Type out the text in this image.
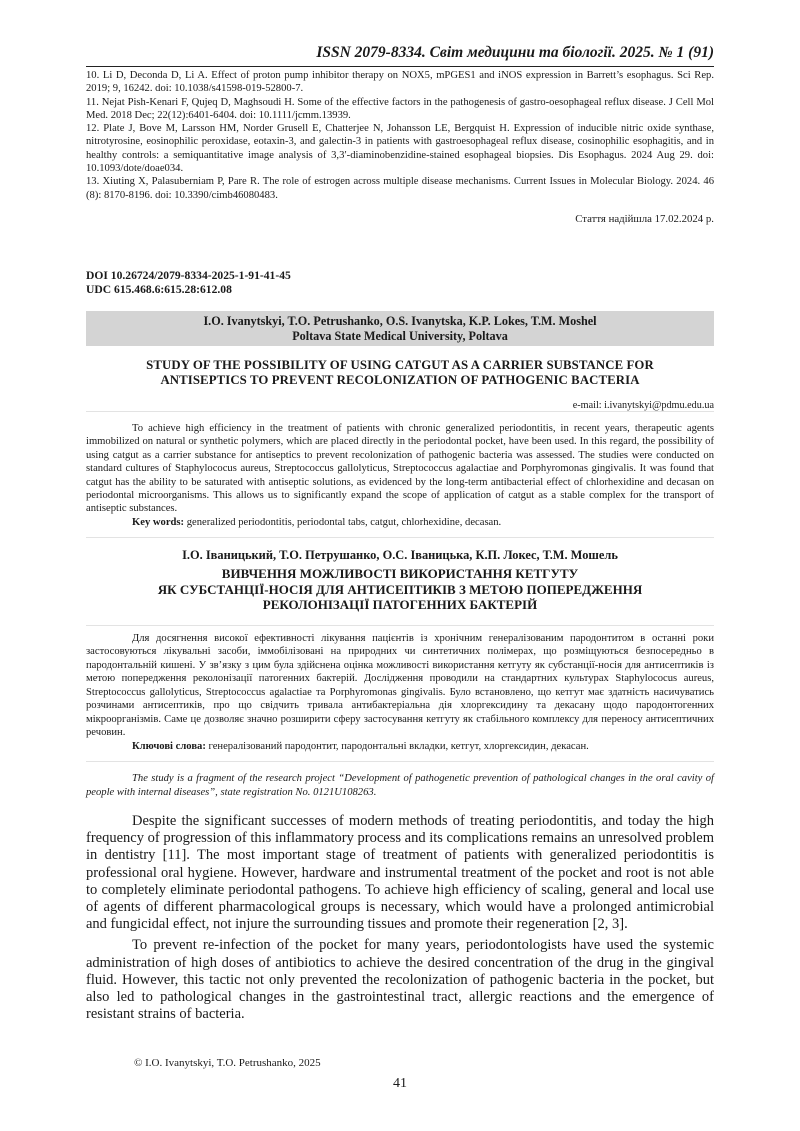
ISSN 2079-8334. Світ медицини та біології. 2025. № 1 (91)

10. Li D, Deconda D, Li A. Effect of proton pump inhibitor therapy on NOX5, mPGES1 and iNOS expression in Barrett’s esophagus. Sci Rep. 2019; 9, 16242. doi: 10.1038/s41598-019-52800-7.

11. Nejat Pish-Kenari F, Qujeq D, Maghsoudi H. Some of the effective factors in the pathogenesis of gastro-oesophageal reflux disease. J Cell Mol Med. 2018 Dec; 22(12):6401-6404. doi: 10.1111/jcmm.13939.

12. Plate J, Bove M, Larsson HM, Norder Grusell E, Chatterjee N, Johansson LE, Bergquist H. Expression of inducible nitric oxide synthase, nitrotyrosine, eosinophilic peroxidase, eotaxin-3, and galectin-3 in patients with gastroesophageal reflux disease, cosinophilic esophagitis, and in healthy controls: a semiquantitative image analysis of 3,3′-diaminobenzidine-stained esophageal biopsies. Dis Esophagus. 2024 Aug 29. doi: 10.1093/dote/doae034.

13. Xiuting X, Palasuberniam P, Pare R. The role of estrogen across multiple disease mechanisms. Current Issues in Molecular Biology. 2024. 46 (8): 8170-8196. doi: 10.3390/cimb46080483.

Стаття надійшла 17.02.2024 р.
DOI 10.26724/2079-8334-2025-1-91-41-45
UDC 615.468.6:615.28:612.08
I.O. Ivanytskyi, T.O. Petrushanko, O.S. Ivanytska, K.P. Lokes, T.M. Moshel
Poltava State Medical University, Poltava
STUDY OF THE POSSIBILITY OF USING CATGUT AS A CARRIER SUBSTANCE FOR
ANTISEPTICS TO PREVENT RECOLONIZATION OF PATHOGENIC BACTERIA
e-mail: i.ivanytskyi@pdmu.edu.ua

To achieve high efficiency in the treatment of patients with chronic generalized periodontitis, in recent years, therapeutic agents immobilized on natural or synthetic polymers, which are placed directly in the periodontal pocket, have been used. In this regard, the possibility of using catgut as a carrier substance for antiseptics to prevent recolonization of pathogenic bacteria was assessed. The studies were conducted on standard cultures of Staphylococus aureus, Streptococcus gallolyticus, Streptococcus agalactiae and Porphyromonas gingivalis. It was found that catgut has the ability to be saturated with antiseptic solutions, as evidenced by the long-term antibacterial effect of chlorhexidine and decasan on periodontal microorganisms. This allows us to significantly expand the scope of application of catgut as a stable complex for the transport of antiseptic substances.

Key words: generalized periodontitis, periodontal tabs, catgut, chlorhexidine, decasan.
І.О. Іваницький, Т.О. Петрушанко, О.С. Іваницька, К.П. Локес, Т.М. Мошель
ВИВЧЕННЯ МОЖЛИВОСТІ ВИКОРИСТАННЯ КЕТГУТУ
ЯК СУБСТАНЦІЇ-НОСІЯ ДЛЯ АНТИСЕПТИКІВ З МЕТОЮ ПОПЕРЕДЖЕННЯ
РЕКОЛОНІЗАЦІЇ ПАТОГЕННИХ БАКТЕРІЙ

Для досягнення високої ефективності лікування пацієнтів із хронічним генералізованим пародонтитом в останні роки застосовуються лікувальні засоби, іммобілізовані на природних чи синтетичних полімерах, що розміщуються безпосередньо в пародонтальній кишені. У зв’язку з цим була здійснена оцінка можливості використання кетгуту як субстанції-носія для антисептиків із метою попередження реколонізації патогенних бактерій. Дослідження проводили на стандартних культурах Staphylococus aureus, Streptococcus gallolyticus, Streptococcus agalactiae та Porphyromonas gingivalis. Було встановлено, що кетгут має здатність насичуватись розчинами антисептиків, про що свідчить тривала антибактеріальна дія хлоргексидину та декасану щодо пародонтогенних мікроорганізмів. Саме це дозволяє значно розширити сферу застосування кетгуту як стабільного комплексу для переносу антисептичних речовин.

Ключові слова: генералізований пародонтит, пародонтальні вкладки, кетгут, хлоргексидин, декасан.

The study is a fragment of the research project “Development of pathogenetic prevention of pathological changes in the oral cavity of people with internal diseases”, state registration No. 0121U108263.

Despite the significant successes of modern methods of treating periodontitis, and today the high frequency of progression of this inflammatory process and its complications remains an unresolved problem in dentistry [11]. The most important stage of treatment of patients with generalized periodontitis is professional oral hygiene. However, hardware and instrumental treatment of the pocket and root is not able to completely eliminate periodontal pathogens. To achieve high efficiency of scaling, general and local use of agents of different pharmacological groups is necessary, which would have a prolonged antimicrobial and fungicidal effect, not injure the surrounding tissues and promote their regeneration [2, 3].

To prevent re-infection of the pocket for many years, periodontologists have used the systemic administration of high doses of antibiotics to achieve the desired concentration of the drug in the gingival fluid. However, this tactic not only prevented the recolonization of pathogenic bacteria in the pocket, but also led to pathological changes in the gastrointestinal tract, allergic reactions and the emergence of resistant strains of bacteria.

© I.O. Ivanytskyi, T.O. Petrushanko, 2025
41
